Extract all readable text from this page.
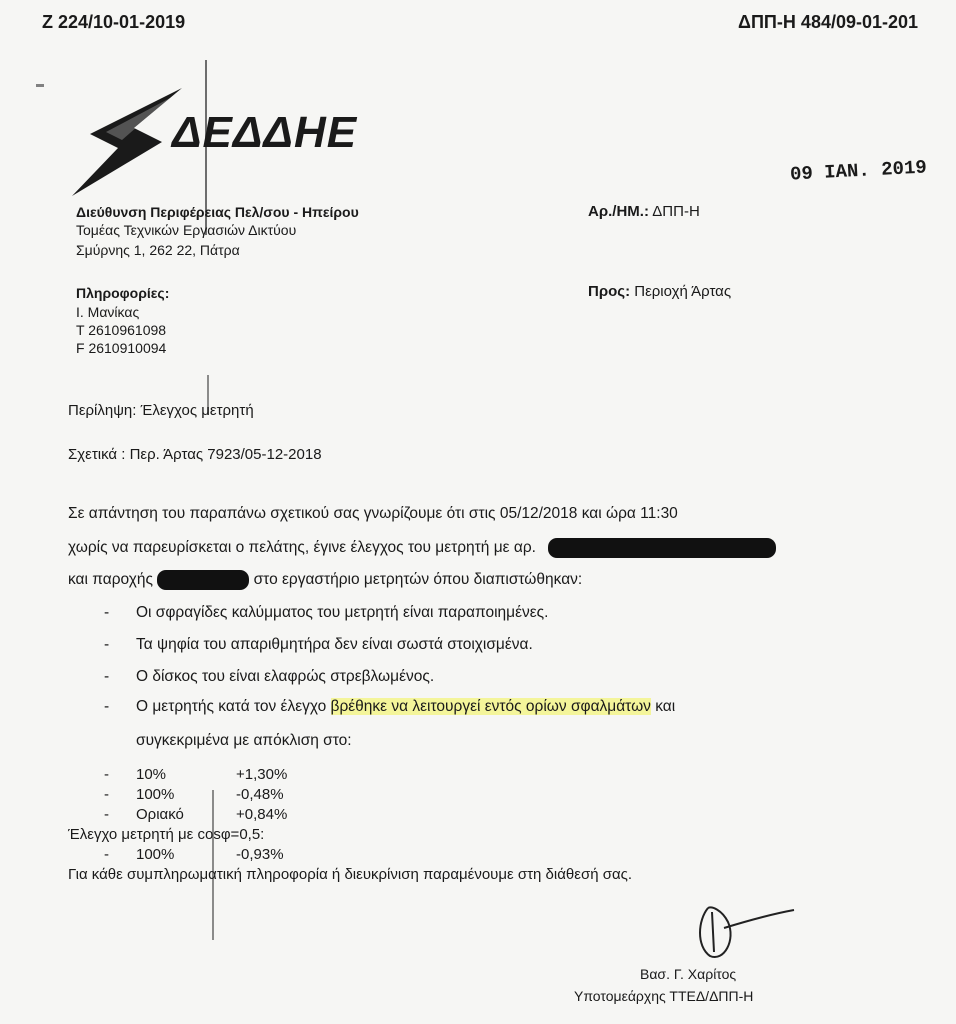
Ζ 224/10-01-2019	ΔΠΠ-Η 484/09-01-201
ΔΕΔΔΗΕ
09 ΙΑΝ. 2019
Διεύθυνση Περιφέρειας Πελ/σου - Ηπείρου
Τομέας Τεχνικών Εργασιών Δικτύου
Σμύρνης 1, 262 22, Πάτρα
Πληροφορίες:
Ι. Μανίκας
Τ 2610961098
F 2610910094
Αρ./ΗΜ.: ΔΠΠ-Η
Προς: Περιοχή Άρτας
Περίληψη: Έλεγχος μετρητή
Σχετικά : Περ. Άρτας 7923/05-12-2018
Σε απάντηση του παραπάνω σχετικού σας γνωρίζουμε ότι στις 05/12/2018 και ώρα 11:30
χωρίς να παρευρίσκεται ο πελάτης, έγινε έλεγχος του μετρητή με αρ.
και παροχής	στο εργαστήριο μετρητών όπου διαπιστώθηκαν:
- Οι σφραγίδες καλύμματος του μετρητή είναι παραποιημένες.
- Τα ψηφία του απαριθμητήρα δεν είναι σωστά στοιχισμένα.
- Ο δίσκος του είναι ελαφρώς στρεβλωμένος.
- Ο μετρητής κατά τον έλεγχο βρέθηκε να λειτουργεί εντός ορίων σφαλμάτων και
συγκεκριμένα με απόκλιση στο:
- 10%	+1,30%
- 100%	-0,48%
- Οριακό	+0,84%
Έλεγχο μετρητή με cosφ=0,5:
- 100%	-0,93%
Για κάθε συμπληρωματική πληροφορία ή διευκρίνιση παραμένουμε στη διάθεσή σας.
Βασ. Γ. Χαρίτος
Υποτομεάρχης ΤΤΕΔ/ΔΠΠ-Η
